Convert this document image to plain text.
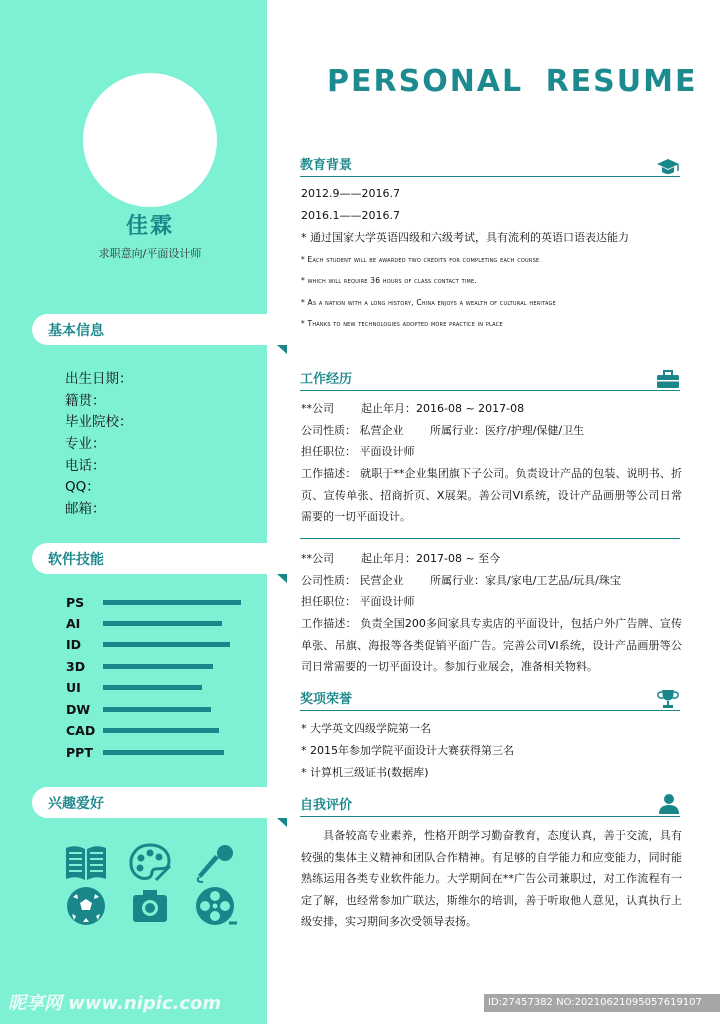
佳霖
求职意向/平面设计师
基本信息
出生日期：
籍贯：
毕业院校：
专业：
电话：
QQ：
邮箱：
软件技能
PS
AI
ID
3D
UI
DW
CAD
PPT
兴趣爱好
昵享网 www.nipic.com
PERSONAL RESUME
教育背景
2012.9——2016.7
2016.1——2016.7
* 通过国家大学英语四级和六级考试，具有流利的英语口语表达能力
* Each student will be awarded two credits for completing each course
* which will require 36 hours of class contact time.
* As a nation with a long history, China enjoys a wealth of cultural heritage
* Thanks to new technologies adopted more practice in place
工作经历
**公司 起止年月：2016-08 ~ 2017-08
公司性质： 私营企业 所属行业：医疗/护理/保健/卫生
担任职位： 平面设计师
工作描述： 就职于**企业集团旗下子公司。负责设计产品的包装、说明书、折页、宣传单张、招商折页、X展架。善公司VI系统，设计产品画册等公司日常需要的一切平面设计。
**公司 起止年月：2017-08 ~ 至今
公司性质： 民营企业 所属行业：家具/家电/工艺品/玩具/珠宝
担任职位： 平面设计师
工作描述： 负责全国200多间家具专卖店的平面设计，包括户外广告牌、宣传单张、吊旗、海报等各类促销平面广告。完善公司VI系统，设计产品画册等公司日常需要的一切平面设计。参加行业展会，准备相关物料。
奖项荣誉
* 大学英文四级学院第一名
* 2015年参加学院平面设计大赛获得第三名
* 计算机三级证书(数据库)
自我评价
具备较高专业素养，性格开朗学习勤奋教育，态度认真，善于交流，具有较强的集体主义精神和团队合作精神。有足够的自学能力和应变能力，同时能熟练运用各类专业软件能力。大学期间在**广告公司兼职过，对工作流程有一定了解，也经常参加广联达，斯维尔的培训，善于听取他人意见，认真执行上级安排，实习期间多次受领导表扬。
ID:27457382 NO:20210621095057619107
